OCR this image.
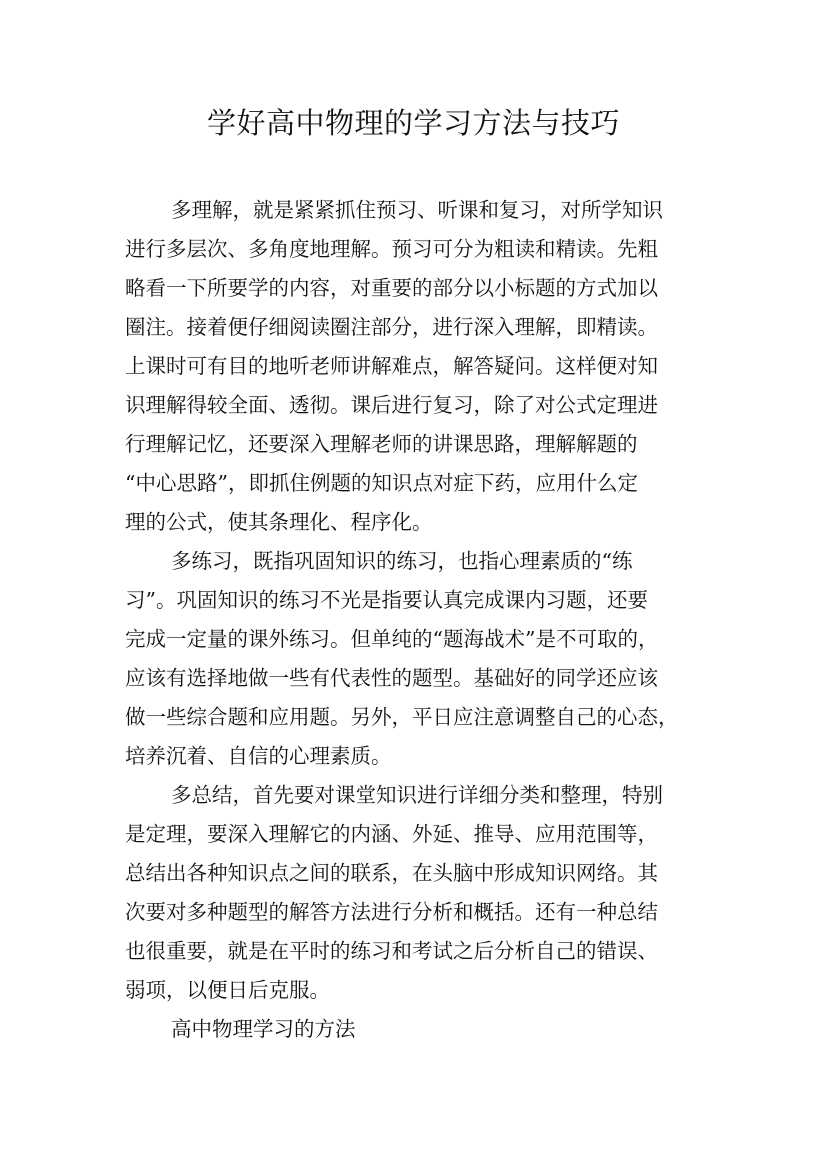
学好高中物理的学习方法与技巧
多理解，就是紧紧抓住预习、听课和复习，对所学知识
进行多层次、多角度地理解。预习可分为粗读和精读。先粗
略看一下所要学的内容，对重要的部分以小标题的方式加以
圈注。接着便仔细阅读圈注部分，进行深入理解，即精读。
上课时可有目的地听老师讲解难点，解答疑问。这样便对知
识理解得较全面、透彻。课后进行复习，除了对公式定理进
行理解记忆，还要深入理解老师的讲课思路，理解解题的
“中心思路”，即抓住例题的知识点对症下药，应用什么定
理的公式，使其条理化、程序化。
多练习，既指巩固知识的练习，也指心理素质的“练
习”。巩固知识的练习不光是指要认真完成课内习题，还要
完成一定量的课外练习。但单纯的“题海战术”是不可取的，
应该有选择地做一些有代表性的题型。基础好的同学还应该
做一些综合题和应用题。另外，平日应注意调整自己的心态，
培养沉着、自信的心理素质。
多总结，首先要对课堂知识进行详细分类和整理，特别
是定理，要深入理解它的内涵、外延、推导、应用范围等，
总结出各种知识点之间的联系，在头脑中形成知识网络。其
次要对多种题型的解答方法进行分析和概括。还有一种总结
也很重要，就是在平时的练习和考试之后分析自己的错误、
弱项，以便日后克服。
高中物理学习的方法
